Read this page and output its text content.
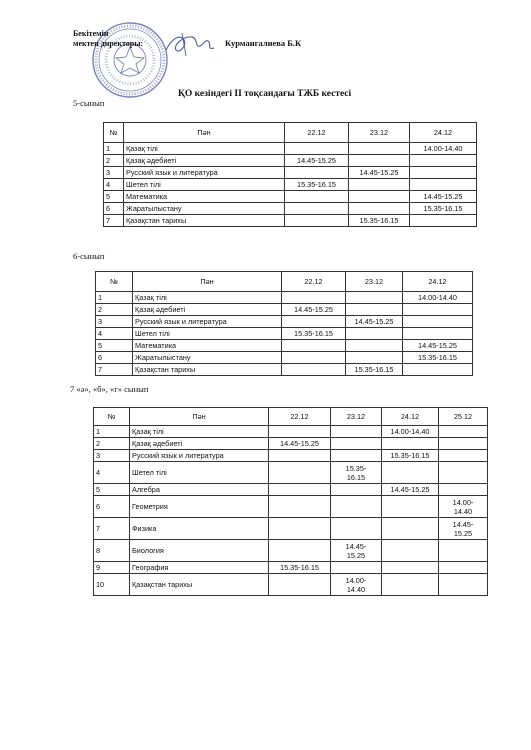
Бекітемін
мектеп директоры:	Курмангалиева Б.К
ҚО кезіндегі ІІ тоқсандағы ТЖБ кестесі
5-сынып
№	Пән	22.12	23.12	24.12
1	Қазақ тілі			14.00-14.40
2	Қазақ әдебиеті	14.45-15.25		
3	Русский язык и литература		14.45-15.25	
4	Шетел тілі	15.35-16.15		
5	Математика			14.45-15.25
6	Жаратылыстану			15.35-16.15
7	Қазақстан тарихы		15.35-16.15	
6-сынып
№	Пән	22.12	23.12	24.12
1	Қазақ тілі			14.00-14.40
2	Қазақ әдебиеті	14.45-15.25		
3	Русский язык и литература		14.45-15.25	
4	Шетел тілі	15.35-16.15		
5	Математика			14.45-15.25
6	Жаратылыстану			15.35-16.15
7	Қазақстан тарихы		15.35-16.15	
7 «ә», «б», «г» сынып
№	Пән	22.12	23.12	24.12	25.12
1	Қазақ тілі			14.00-14.40	
2	Қазақ әдебиеті	14.45-15.25			
3	Русский язык и литература			15.35-16.15	
4	Шетел тілі		15.35-
16.15		
5	Алгебра			14.45-15.25	
6	Геометрия				14.00-
14.40
7	Физика				14.45-
15.25
8	Биология		14.45-
15.25		
9	География	15.35-16.15			
10	Қазақстан тарихы		14.00-
14.40		
